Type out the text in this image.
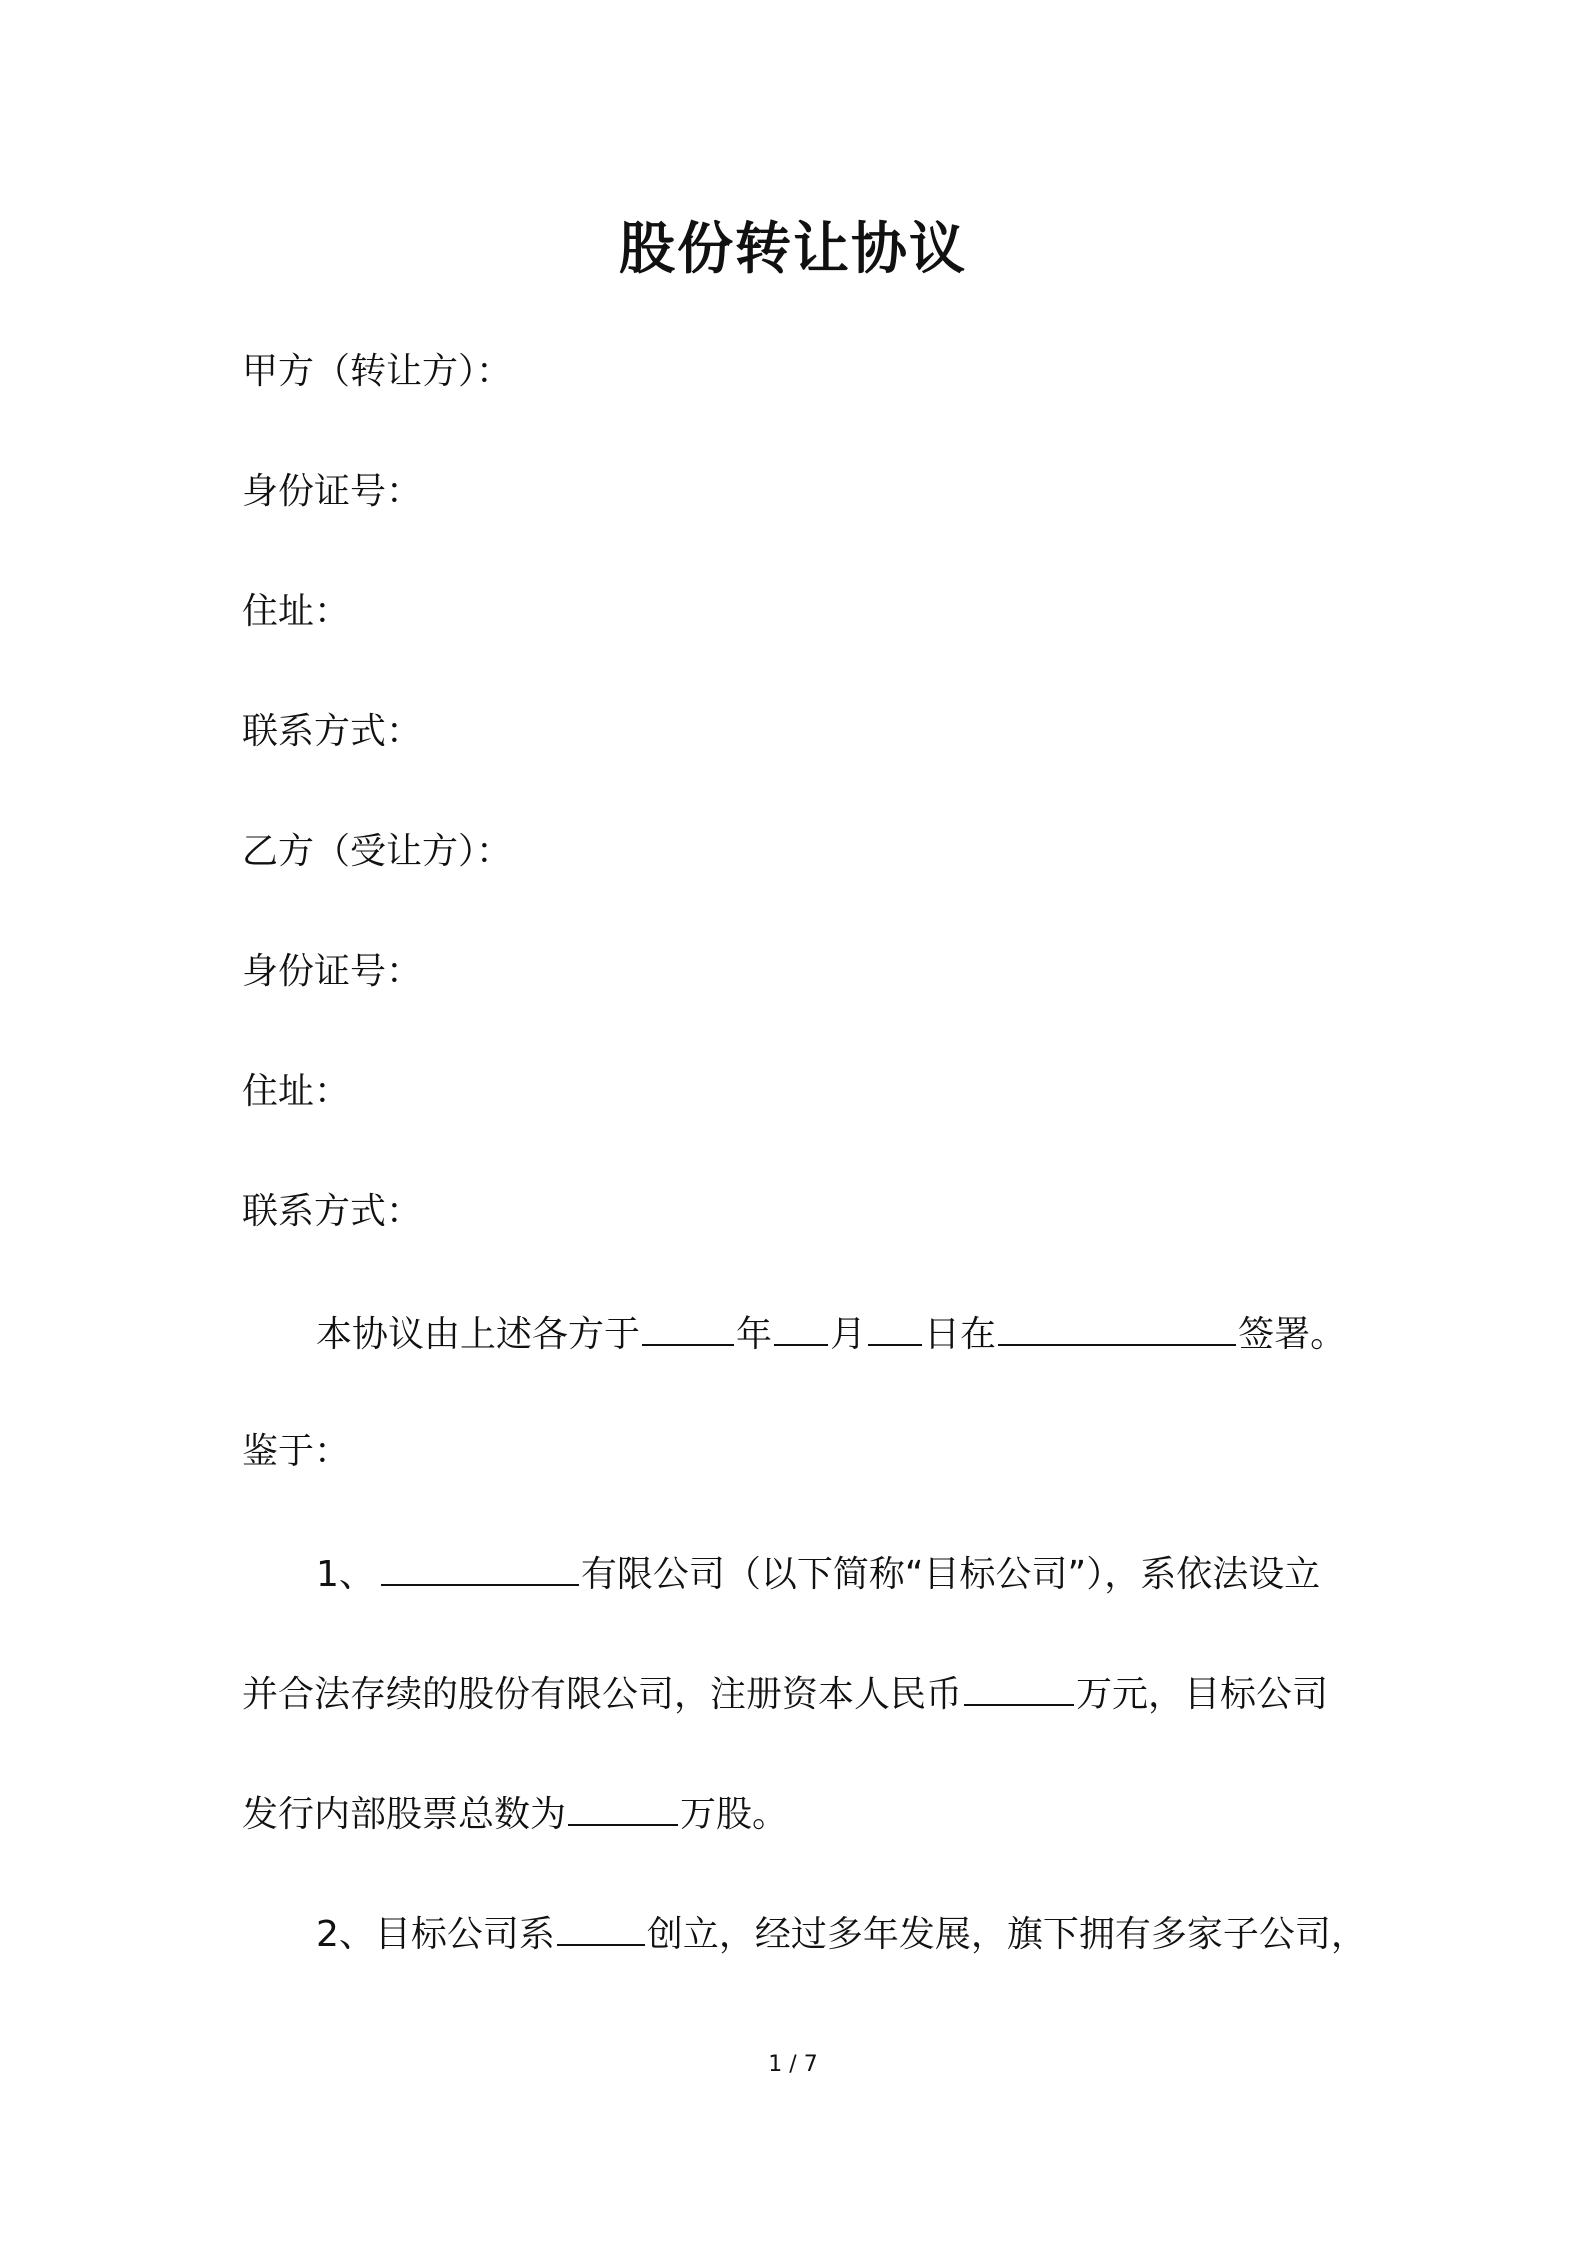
股份转让协议
甲方（转让方）：
身份证号：
住址：
联系方式：
乙方（受让方）：
身份证号：
住址：
联系方式：
本协议由上述各方于	年 月 日在	签署。
鉴于：
1、	有限公司（以下简称“目标公司”），系依法设立
并合法存续的股份有限公司，注册资本人民币	万元，目标公司
发行内部股票总数为	万股。
2、目标公司系	创立，经过多年发展，旗下拥有多家子公司，
1 / 7
